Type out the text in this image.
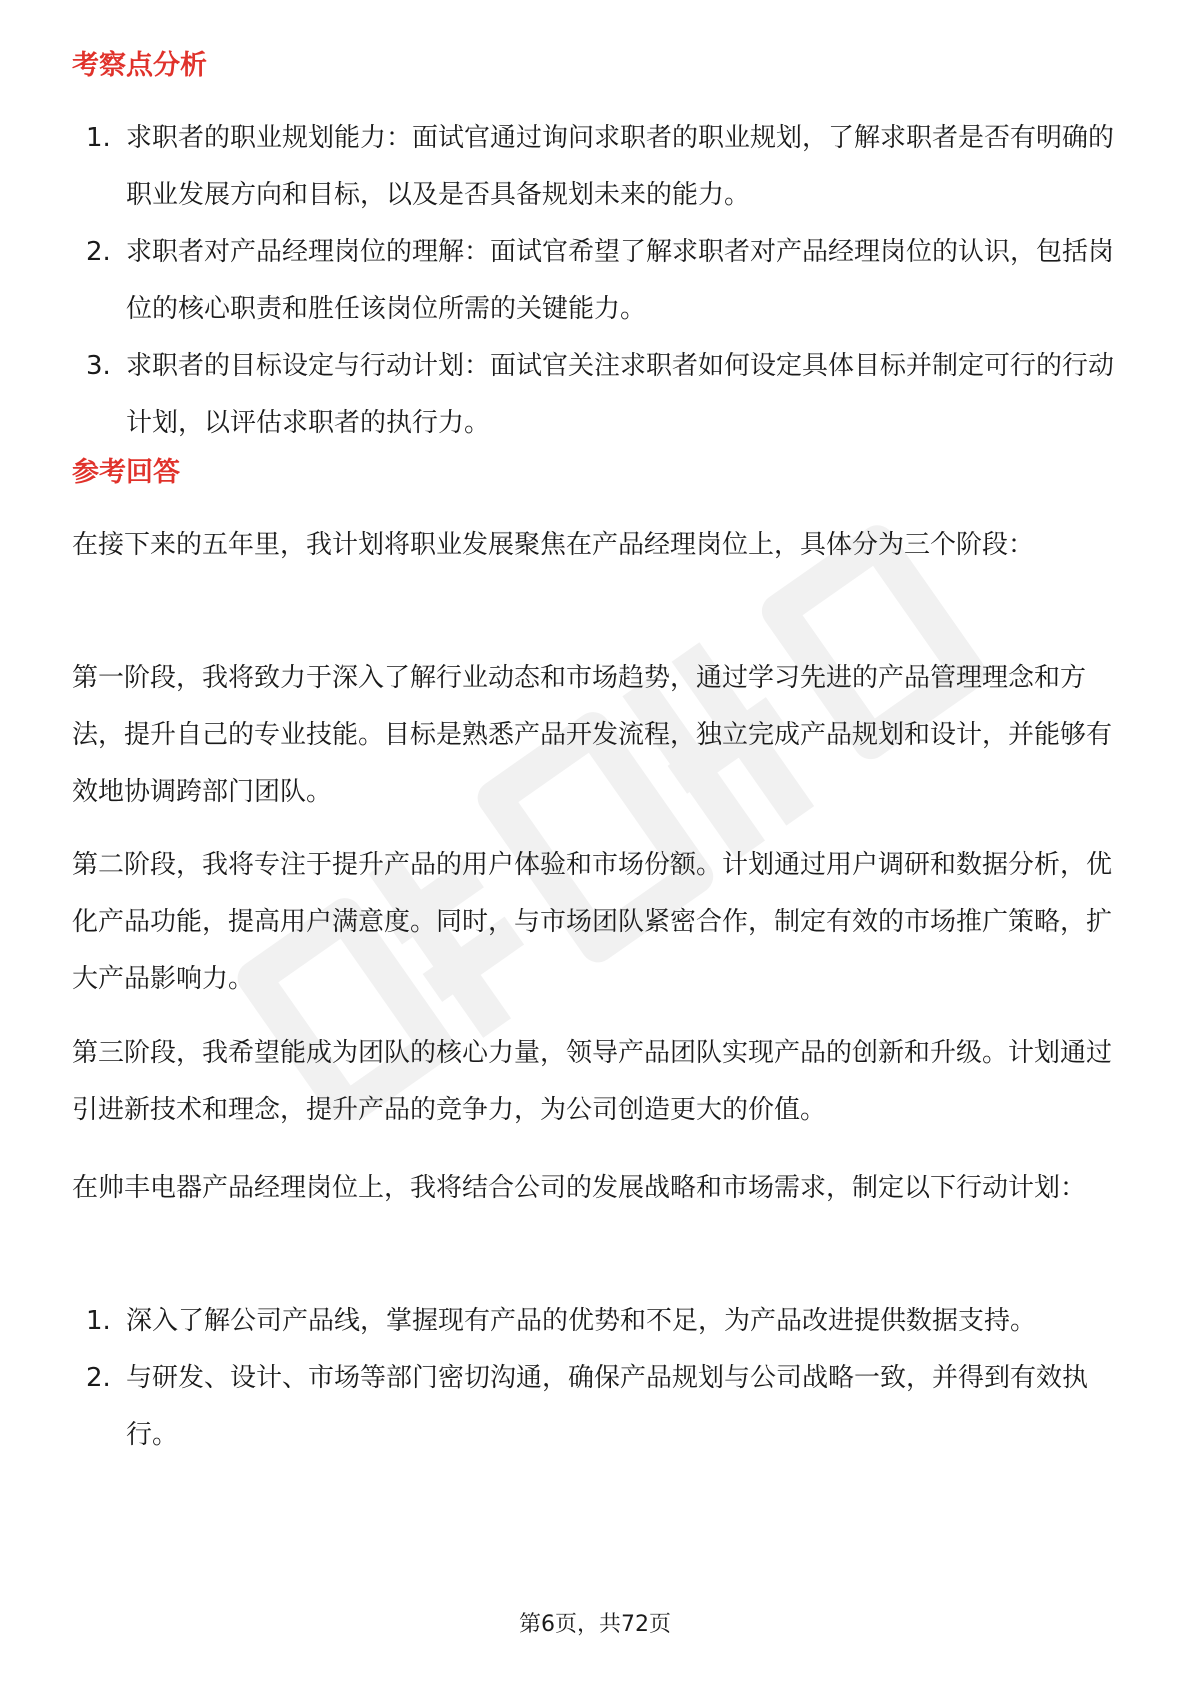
考察点分析
1. 求职者的职业规划能力：面试官通过询问求职者的职业规划，了解求职者是否有明确的职业发展方向和目标，以及是否具备规划未来的能力。
2. 求职者对产品经理岗位的理解：面试官希望了解求职者对产品经理岗位的认识，包括岗位的核心职责和胜任该岗位所需的关键能力。
3. 求职者的目标设定与行动计划：面试官关注求职者如何设定具体目标并制定可行的行动计划，以评估求职者的执行力。
参考回答

在接下来的五年里，我计划将职业发展聚焦在产品经理岗位上，具体分为三个阶段：

第一阶段，我将致力于深入了解行业动态和市场趋势，通过学习先进的产品管理理念和方法，提升自己的专业技能。目标是熟悉产品开发流程，独立完成产品规划和设计，并能够有效地协调跨部门团队。

第二阶段，我将专注于提升产品的用户体验和市场份额。计划通过用户调研和数据分析，优化产品功能，提高用户满意度。同时，与市场团队紧密合作，制定有效的市场推广策略，扩大产品影响力。

第三阶段，我希望能成为团队的核心力量，领导产品团队实现产品的创新和升级。计划通过引进新技术和理念，提升产品的竞争力，为公司创造更大的价值。

在帅丰电器产品经理岗位上，我将结合公司的发展战略和市场需求，制定以下行动计划：

1. 深入了解公司产品线，掌握现有产品的优势和不足，为产品改进提供数据支持。
2. 与研发、设计、市场等部门密切沟通，确保产品规划与公司战略一致，并得到有效执行。
第6页，共72页
